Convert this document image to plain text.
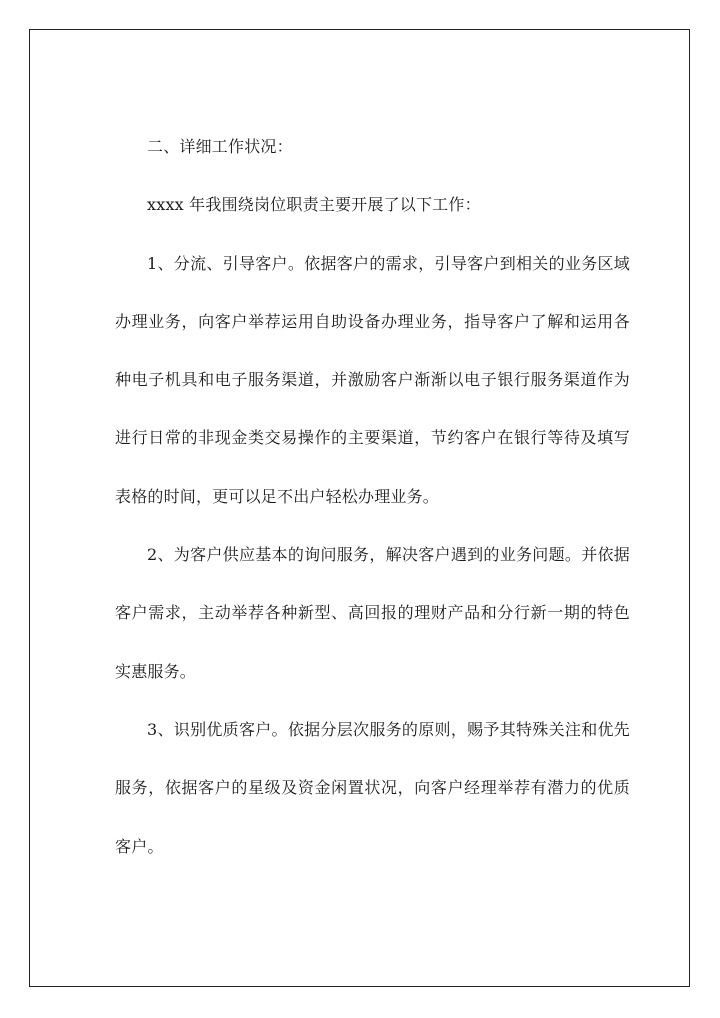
二、详细工作状况：

xxxx 年我围绕岗位职责主要开展了以下工作：

1、分流、引导客户。依据客户的需求，引导客户到相关的业务区域办理业务，向客户举荐运用自助设备办理业务，指导客户了解和运用各种电子机具和电子服务渠道，并激励客户渐渐以电子银行服务渠道作为进行日常的非现金类交易操作的主要渠道，节约客户在银行等待及填写表格的时间，更可以足不出户轻松办理业务。

2、为客户供应基本的询问服务，解决客户遇到的业务问题。并依据客户需求，主动举荐各种新型、高回报的理财产品和分行新一期的特色实惠服务。

3、识别优质客户。依据分层次服务的原则，赐予其特殊关注和优先服务，依据客户的星级及资金闲置状况，向客户经理举荐有潜力的优质客户。
